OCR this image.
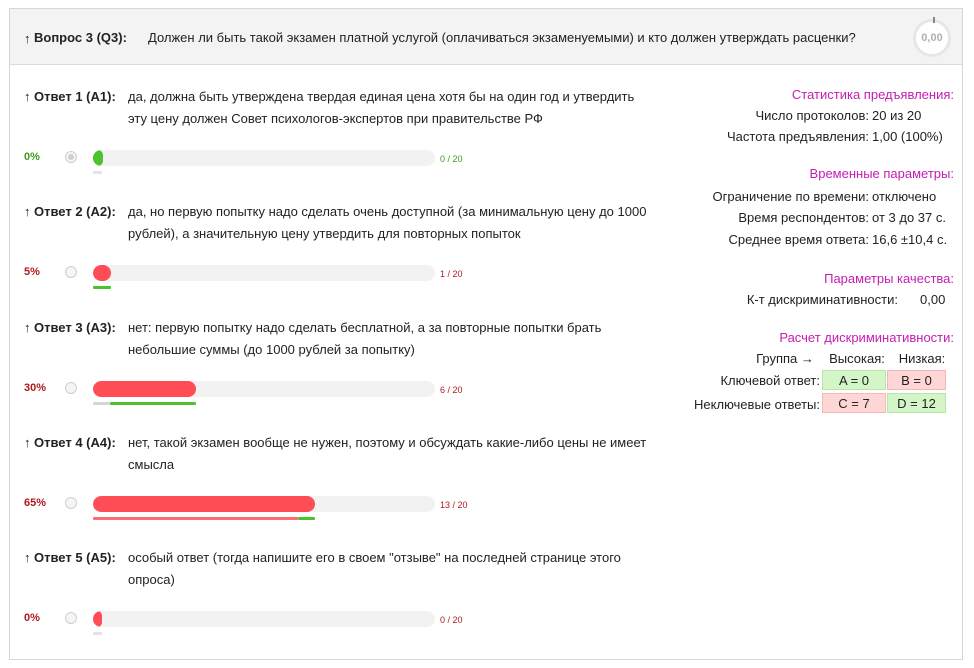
↑ Вопрос 3 (Q3): Должен ли быть такой экзамен платной услугой (оплачиваться экзаменуемыми) и кто должен утверждать расценки?	0,00
↑ Ответ 1 (A1): да, должна быть утверждена твердая единая цена хотя бы на один год и утвердить эту цену должен Совет психологов-экспертов при правительстве РФ
0%	0 / 20
↑ Ответ 2 (A2): да, но первую попытку надо сделать очень доступной (за минимальную цену до 1000 рублей), а значительную цену утвердить для повторных попыток
5%	1 / 20
↑ Ответ 3 (A3): нет: первую попытку надо сделать бесплатной, а за повторные попытки брать небольшие суммы (до 1000 рублей за попытку)
30%	6 / 20
↑ Ответ 4 (A4): нет, такой экзамен вообще не нужен, поэтому и обсуждать какие-либо цены не имеет смысла
65%	13 / 20
↑ Ответ 5 (A5): особый ответ (тогда напишите его в своем "отзыве" на последней странице этого опроса)
0%	0 / 20
Статистика предъявления:
Число протоколов: 20 из 20
Частота предъявления: 1,00 (100%)
Временные параметры:
Ограничение по времени: отключено
Время респондентов: от 3 до 37 с.
Среднее время ответа: 16,6 ±10,4 с.
Параметры качества:
К-т дискриминативности: 0,00
Расчет дискриминативности:
Группа →	Высокая:	Низкая:
Ключевой ответ:	A = 0	B = 0
Неключевые ответы:	C = 7	D = 12
